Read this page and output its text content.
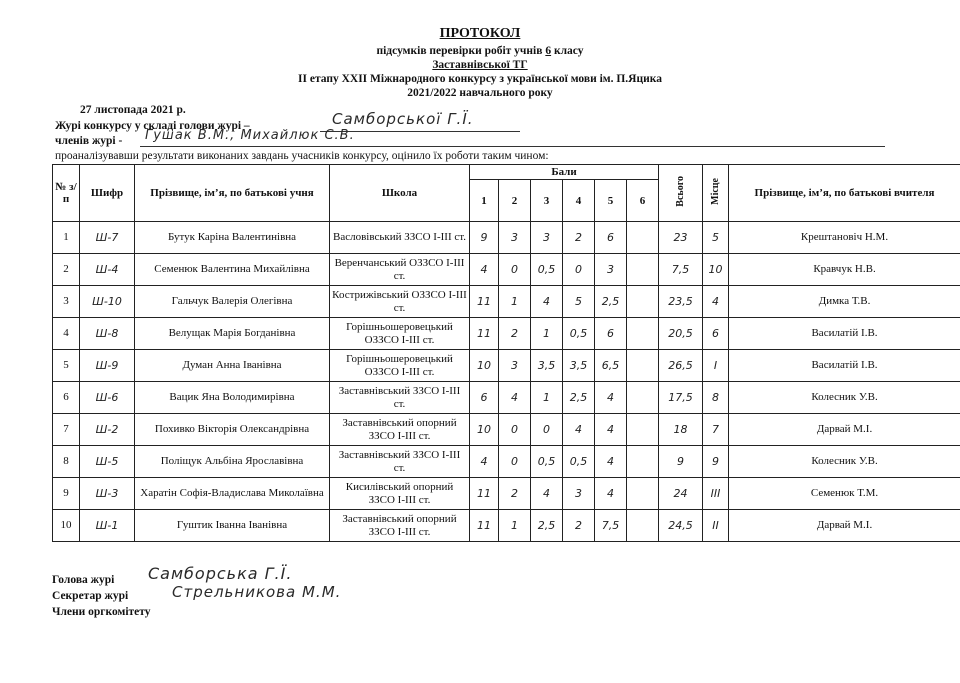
ПРОТОКОЛ
підсумків перевірки робіт учнів 6 класу
Заставнівської ТГ
ІІ етапу XXІІ Міжнародного конкурсу з української мови ім. П.Яцика
2021/2022 навчального року
27 листопада 2021 р.
Журі конкурсу у складі голови журі –	Самборської Г.Ї.
членів журі - Гушак В.М., Михайлюк С.В.
проаналізувавши результати виконаних завдань учасників конкурсу, оцінило їх роботи таким чином:
№ з/п	Шифр	Прізвище, ім’я, по батькові учня	Школа	Бали						Всього	Місце	Прізвище, ім’я, по батькові вчителя
				1	2	3	4	5	6			
1	Ш-7	Бутук Каріна Валентинівна	Васловівський ЗЗСО І-ІІІ ст.	9	3	3	2	6		23	5	Крештановіч Н.М.
2	Ш-4	Семенюк Валентина Михайлівна	Веренчанський ОЗЗСО І-ІІІ ст.	4	0	0,5	0	3		7,5	10	Кравчук Н.В.
3	Ш-10	Гальчук Валерія Олегівна	Кострижівський ОЗЗСО І-ІІІ ст.	11	1	4	5	2,5		23,5	4	Димка Т.В.
4	Ш-8	Велущак Марія Богданівна	Горішньошеровецький ОЗЗСО І-ІІІ ст.	11	2	1	0,5	6		20,5	6	Василатій І.В.
5	Ш-9	Думан Анна Іванівна	Горішньошеровецький ОЗЗСО І-ІІІ ст.	10	3	3,5	3,5	6,5		26,5	І	Василатій І.В.
6	Ш-6	Вацик Яна Володимирівна	Заставнівський ЗЗСО І-ІІІ ст.	6	4	1	2,5	4		17,5	8	Колесник У.В.
7	Ш-2	Похивко Вікторія Олександрівна	Заставнівський опорний ЗЗСО І-ІІІ ст.	10	0	0	4	4		18	7	Дарвай М.І.
8	Ш-5	Поліщук Альбіна Ярославівна	Заставнівський ЗЗСО І-ІІІ ст.	4	0	0,5	0,5	4		9	9	Колесник У.В.
9	Ш-3	Харатін Софія-Владислава Миколаївна	Кисилівський опорний ЗЗСО І-ІІІ ст.	11	2	4	3	4		24	ІІІ	Семенюк Т.М.
10	Ш-1	Гуштик Іванна Іванівна	Заставнівський опорний ЗЗСО І-ІІІ ст.	11	1	2,5	2	7,5		24,5	ІІ	Дарвай М.І.
Голова журі Самборська Г.Ї.
Секретар журі	Стрельникова М.М.
Члени оргкомітету
